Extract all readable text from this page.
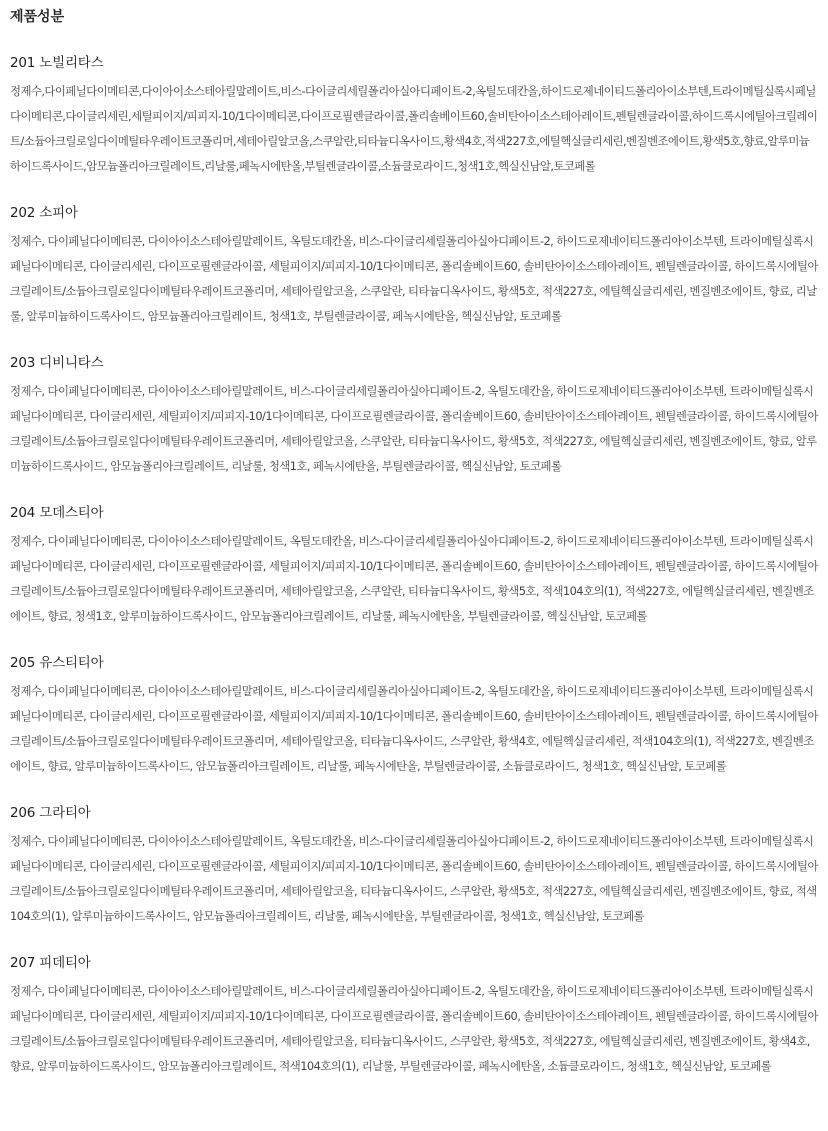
제품성분
201 노빌리타스

정제수,다이페닐다이메티콘,다이아이소스테아릴말레이트,비스-다이글리세릴폴리아실아디페이트-2,옥틸도데칸올,하이드로제네이티드폴리아이소부텐,트라이메틸실록시페닐다이메티콘,다이글리세린,세틸피이지/피피지-10/1다이메티콘,다이프로필렌글라이콜,폴리솔베이트60,솔비탄아이소스테아레이트,펜틸렌글라이콜,하이드록시에틸아크릴레이트/소듐아크릴로일다이메틸타우레이트코폴리머,세테아릴알코올,스쿠알란,티타늄디옥사이드,황색4호,적색227호,에틸헥실글리세린,벤질벤조에이트,황색5호,향료,알루미늄하이드록사이드,암모늄폴리아크릴레이트,리날룰,페녹시에탄올,부틸렌글라이콜,소듐클로라이드,청색1호,헥실신남알,토코페롤

202 소피아

정제수, 다이페닐다이메티콘, 다이아이소스테아릴말레이트, 옥틸도데칸올, 비스-다이글리세릴폴리아실아디페이트-2, 하이드로제네이티드폴리아이소부텐, 트라이메틸실록시페닐다이메티콘, 다이글리세린, 다이프로필렌글라이콜, 세틸피이지/피피지-10/1다이메티콘, 폴리솔베이트60, 솔비탄아이소스테아레이트, 펜틸렌글라이콜, 하이드록시에틸아크릴레이트/소듐아크릴로일다이메틸타우레이트코폴리머, 세테아릴알코올, 스쿠알란, 티타늄디옥사이드, 황색5호, 적색227호, 에틸헥실글리세린, 벤질벤조에이트, 향료, 리날룰, 알루미늄하이드록사이드, 암모늄폴리아크릴레이트, 청색1호, 부틸렌글라이콜, 페녹시에탄올, 헥실신남알, 토코페롤

203 디비니타스

정제수, 다이페닐다이메티콘, 다이아이소스테아릴말레이트, 비스-다이글리세릴폴리아실아디페이트-2, 옥틸도데칸올, 하이드로제네이티드폴리아이소부텐, 트라이메틸실록시페닐다이메티콘, 다이글리세린, 세틸피이지/피피지-10/1다이메티콘, 다이프로필렌글라이콜, 폴리솔베이트60, 솔비탄아이소스테아레이트, 펜틸렌글라이콜, 하이드록시에틸아크릴레이트/소듐아크릴로일다이메틸타우레이트코폴리머, 세테아릴알코올, 스쿠알란, 티타늄디옥사이드, 황색5호, 적색227호, 에틸헥실글리세린, 벤질벤조에이트, 향료, 알루미늄하이드록사이드, 암모늄폴리아크릴레이트, 리날룰, 청색1호, 페녹시에탄올, 부틸렌글라이콜, 헥실신남알, 토코페롤

204 모데스티아

정제수, 다이페닐다이메티콘, 다이아이소스테아릴말레이트, 옥틸도데칸올, 비스-다이글리세릴폴리아실아디페이트-2, 하이드로제네이티드폴리아이소부텐, 트라이메틸실록시페닐다이메티콘, 다이글리세린, 다이프로필렌글라이콜, 세틸피이지/피피지-10/1다이메티콘, 폴리솔베이트60, 솔비탄아이소스테아레이트, 펜틸렌글라이콜, 하이드록시에틸아크릴레이트/소듐아크릴로일다이메틸타우레이트코폴리머, 세테아릴알코올, 스쿠알란, 티타늄디옥사이드, 황색5호, 적색104호의(1), 적색227호, 에틸헥실글리세린, 벤질벤조에이트, 향료, 청색1호, 알루미늄하이드록사이드, 암모늄폴리아크릴레이트, 리날룰, 페녹시에탄올, 부틸렌글라이콜, 헥실신남알, 토코페롤

205 유스티티아

정제수, 다이페닐다이메티콘, 다이아이소스테아릴말레이트, 비스-다이글리세릴폴리아실아디페이트-2, 옥틸도데칸올, 하이드로제네이티드폴리아이소부텐, 트라이메틸실록시페닐다이메티콘, 다이글리세린, 다이프로필렌글라이콜, 세틸피이지/피피지-10/1다이메티콘, 폴리솔베이트60, 솔비탄아이소스테아레이트, 펜틸렌글라이콜, 하이드록시에틸아크릴레이트/소듐아크릴로일다이메틸타우레이트코폴리머, 세테아릴알코올, 티타늄디옥사이드, 스쿠알란, 황색4호, 에틸헥실글리세린, 적색104호의(1), 적색227호, 벤질벤조에이트, 향료, 알루미늄하이드록사이드, 암모늄폴리아크릴레이트, 리날룰, 페녹시에탄올, 부틸렌글라이콜, 소듐클로라이드, 청색1호, 헥실신남알, 토코페롤

206 그라티아

정제수, 다이페닐다이메티콘, 다이아이소스테아릴말레이트, 옥틸도데칸올, 비스-다이글리세릴폴리아실아디페이트-2, 하이드로제네이티드폴리아이소부텐, 트라이메틸실록시페닐다이메티콘, 다이글리세린, 다이프로필렌글라이콜, 세틸피이지/피피지-10/1다이메티콘, 폴리솔베이트60, 솔비탄아이소스테아레이트, 펜틸렌글라이콜, 하이드록시에틸아크릴레이트/소듐아크릴로일다이메틸타우레이트코폴리머, 세테아릴알코올, 티타늄디옥사이드, 스쿠알란, 황색5호, 적색227호, 에틸헥실글리세린, 벤질벤조에이트, 향료, 적색104호의(1), 알루미늄하이드록사이드, 암모늄폴리아크릴레이트, 리날룰, 페녹시에탄올, 부틸렌글라이콜, 청색1호, 헥실신남알, 토코페롤

207 피데티아

정제수, 다이페닐다이메티콘, 다이아이소스테아릴말레이트, 비스-다이글리세릴폴리아실아디페이트-2, 옥틸도데칸올, 하이드로제네이티드폴리아이소부텐, 트라이메틸실록시페닐다이메티콘, 다이글리세린, 세틸피이지/피피지-10/1다이메티콘, 다이프로필렌글라이콜, 폴리솔베이트60, 솔비탄아이소스테아레이트, 펜틸렌글라이콜, 하이드록시에틸아크릴레이트/소듐아크릴로일다이메틸타우레이트코폴리머, 세테아릴알코올, 티타늄디옥사이드, 스쿠알란, 황색5호, 적색227호, 에틸헥실글리세린, 벤질벤조에이트, 황색4호, 향료, 알루미늄하이드록사이드, 암모늄폴리아크릴레이트, 적색104호의(1), 리날룰, 부틸렌글라이콜, 페녹시에탄올, 소듐클로라이드, 청색1호, 헥실신남알, 토코페롤
